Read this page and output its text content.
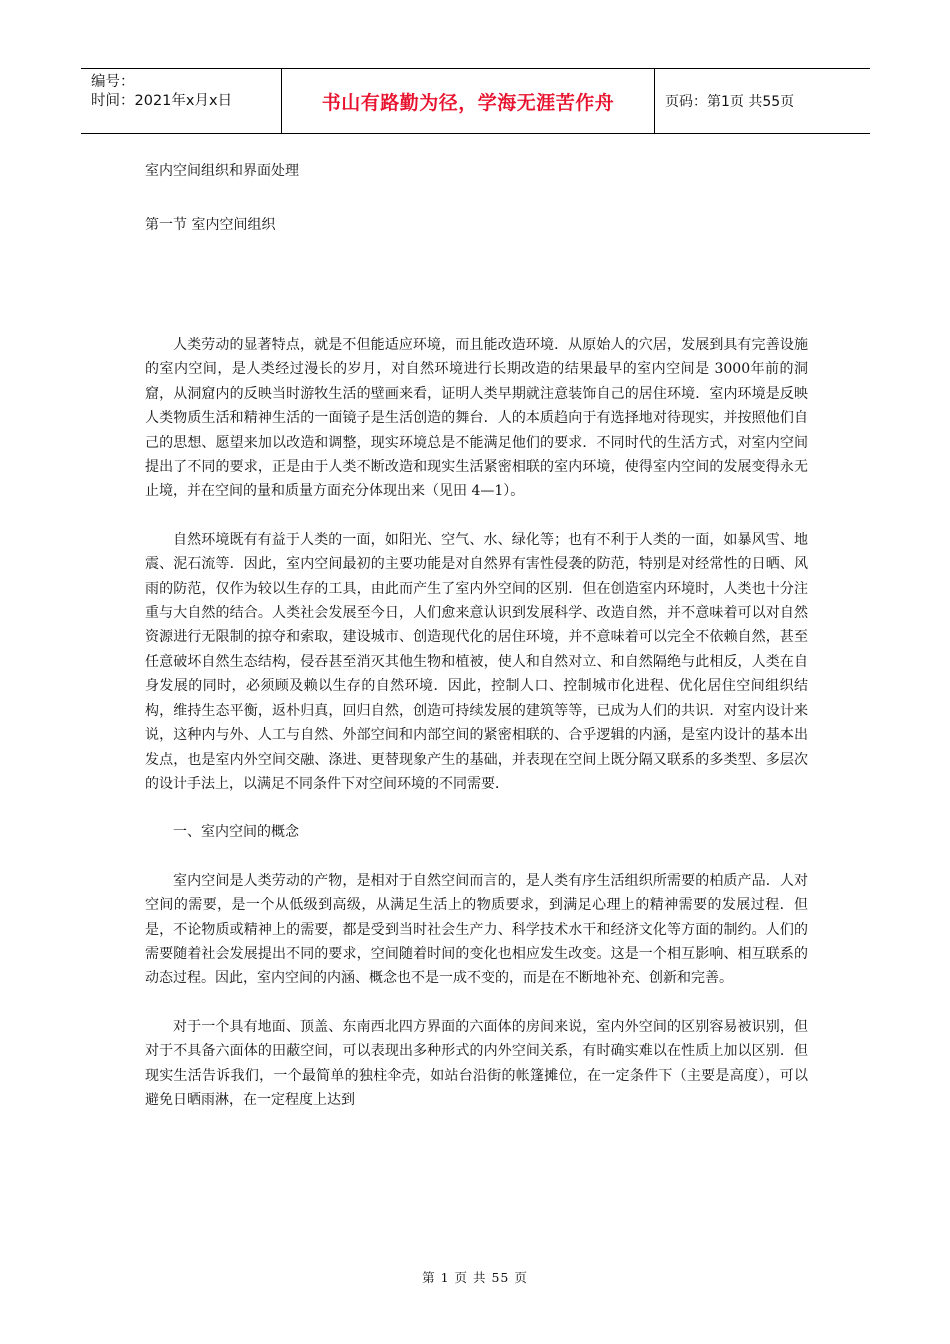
编号：
时间：2021年x月x日	书山有路勤为径，学海无涯苦作舟	页码：第1页 共55页
室内空间组织和界面处理
第一节 室内空间组织

人类劳动的显著特点，就是不但能适应环境，而且能改造环境．从原始人的穴居，发展到具有完善设施的室内空间，是人类经过漫长的岁月，对自然环境进行长期改造的结果最早的室内空间是 3000年前的洞窟，从洞窟内的反映当时游牧生活的壁画来看，证明人类早期就注意装饰自己的居住环境．室内环境是反映人类物质生活和精神生活的一面镜子是生活创造的舞台．人的本质趋向于有选择地对待现实，并按照他们自己的思想、愿望来加以改造和调整，现实环境总是不能满足他们的要求．不同时代的生活方式，对室内空间提出了不同的要求，正是由于人类不断改造和现实生活紧密相联的室内环境，使得室内空间的发展变得永无止境，并在空间的量和质量方面充分体现出来（见田 4—1）。

自然环境既有有益于人类的一面，如阳光、空气、水、绿化等；也有不利于人类的一面，如暴风雪、地震、泥石流等．因此，室内空间最初的主要功能是对自然界有害性侵袭的防范，特别是对经常性的日晒、风雨的防范，仅作为较以生存的工具，由此而产生了室内外空间的区别．但在创造室内环境时，人类也十分注重与大自然的结合。人类社会发展至今日，人们愈来意认识到发展科学、改造自然，并不意味着可以对自然资源进行无限制的掠夺和索取，建设城市、创造现代化的居住环境，并不意味着可以完全不依赖自然，甚至任意破坏自然生态结构，侵吞甚至消灭其他生物和植被，使人和自然对立、和自然隔绝与此相反，人类在自身发展的同时，必须顾及赖以生存的自然环境．因此，控制人口、控制城市化进程、优化居住空间组织结构，维持生态平衡，返朴归真，回归自然，创造可持续发展的建筑等等，已成为人们的共识．对室内设计来说，这种内与外、人工与自然、外部空间和内部空间的紧密相联的、合乎逻辑的内涵，是室内设计的基本出发点，也是室内外空间交融、涤进、更替现象产生的基础，并表现在空间上既分隔又联系的多类型、多层次的设计手法上，以满足不同条件下对空间环境的不同需要．

一、室内空间的概念

室内空间是人类劳动的产物，是相对于自然空间而言的，是人类有序生活组织所需要的柏质产品．人对空间的需要，是一个从低级到高级，从满足生活上的物质要求，到满足心理上的精神需要的发展过程．但是，不论物质或精神上的需要，都是受到当时社会生产力、科学技术水干和经济文化等方面的制约。人们的需要随着社会发展提出不同的要求，空间随着时间的变化也相应发生改变。这是一个相互影响、相互联系的动态过程。因此，室内空间的内涵、概念也不是一成不变的，而是在不断地补充、创新和完善。

对于一个具有地面、顶盖、东南西北四方界面的六面体的房间来说，室内外空间的区别容易被识别，但对于不具备六面体的田蔽空间，可以表现出多种形式的内外空间关系，有时确实难以在性质上加以区别．但现实生活告诉我们，一个最简单的独柱伞壳，如站台沿街的帐篷摊位，在一定条件下（主要是高度），可以避免日晒雨淋，在一定程度上达到

第 1 页 共 55 页
